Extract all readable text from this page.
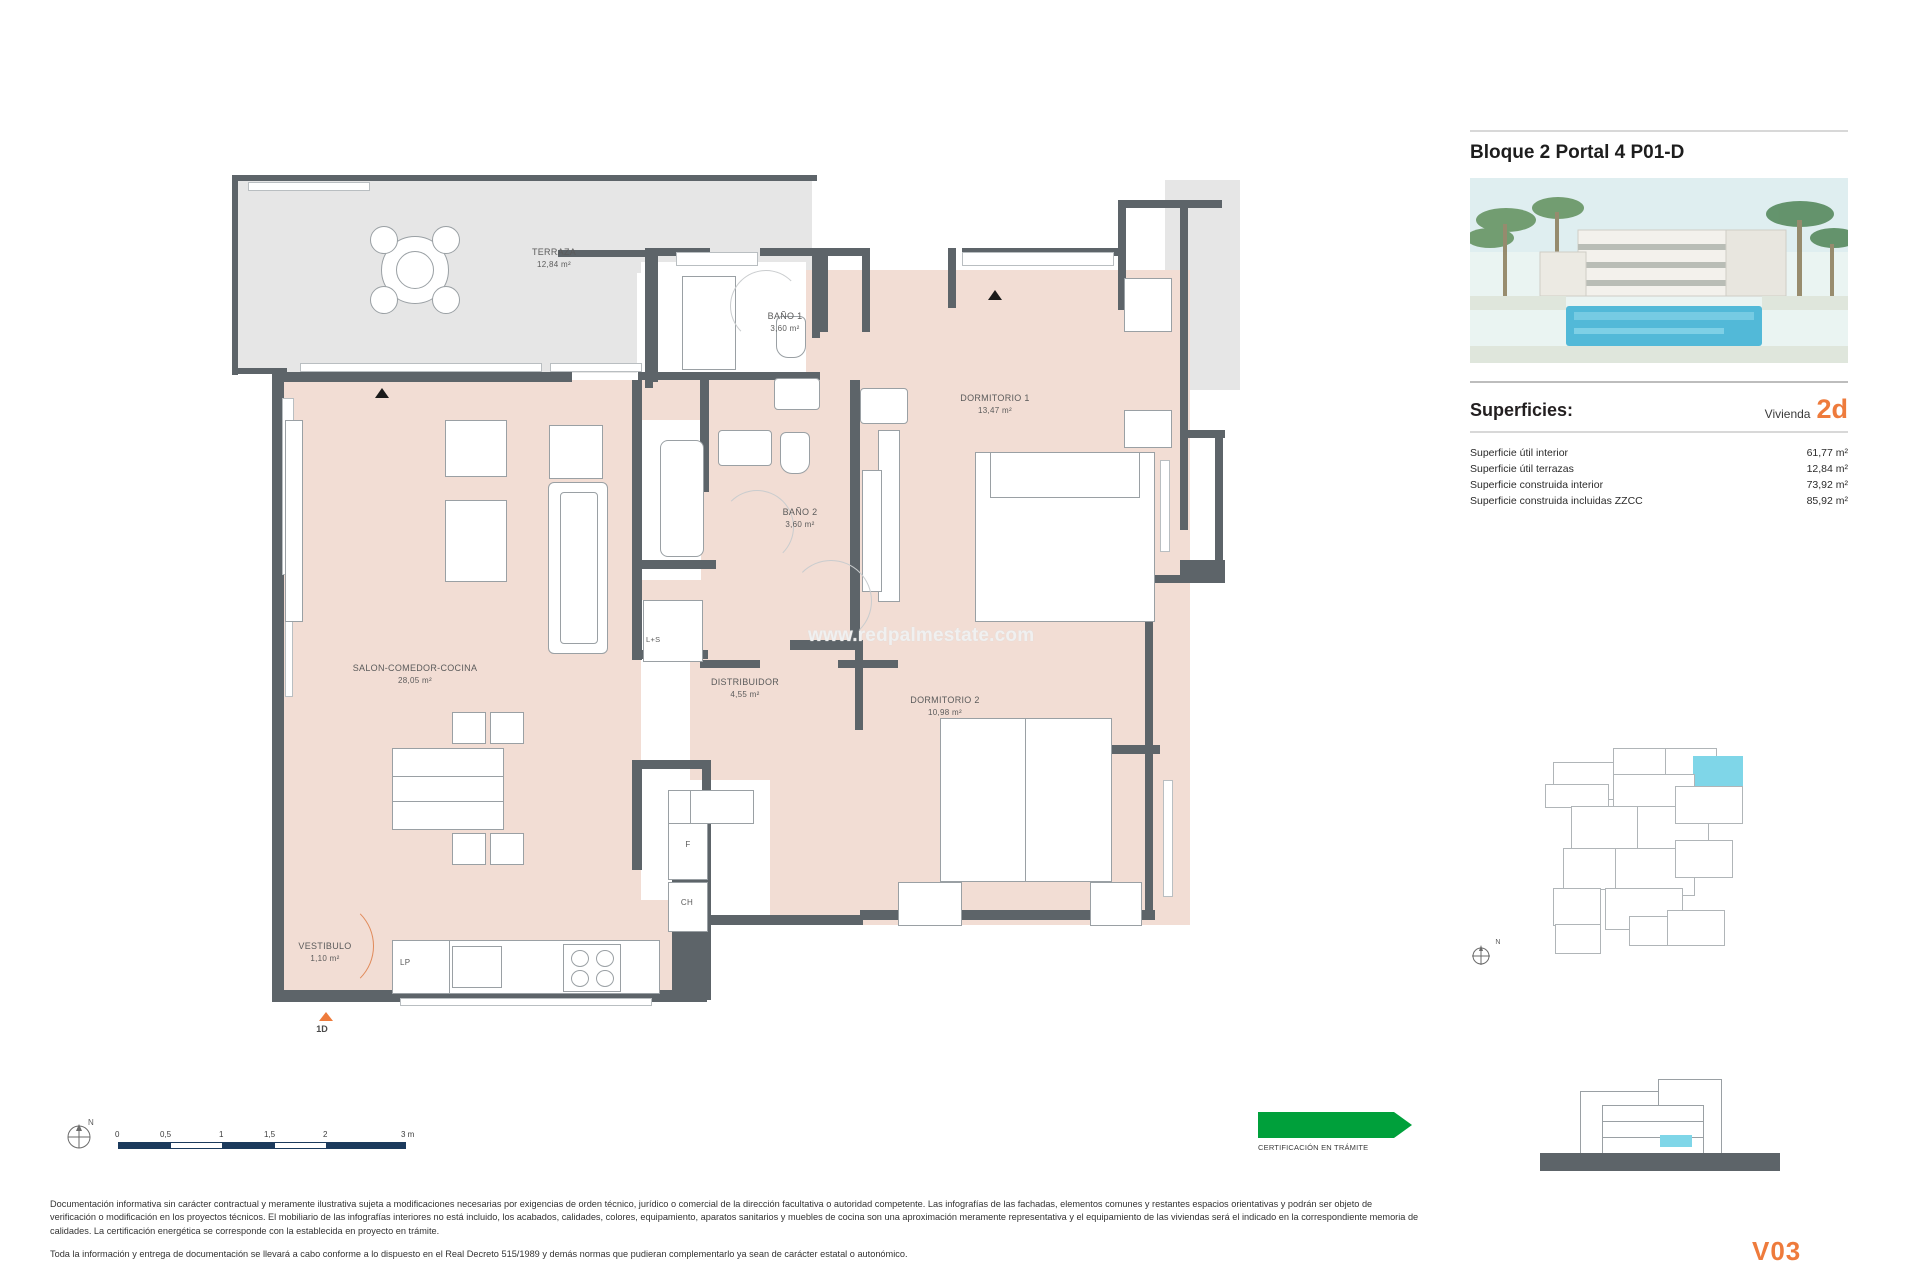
LP
F
CH
L+S
TERRAZA
12,84 m²
BAÑO 1
3,60 m²
BAÑO 2
3,60 m²
DORMITORIO 1
13,47 m²
DORMITORIO 2
10,98 m²
DISTRIBUIDOR
4,55 m²
SALON-COMEDOR-COCINA
28,05 m²
VESTIBULO
1,10 m²
1D
www.redpalmestate.com
N
0	0,5	1	1,5	2	3 m
CERTIFICACIÓN EN TRÁMITE
Bloque 2 Portal 4 P01-D
Superficies:	Vivienda 2d
Superficie útil interior	61,77 m²
Superficie útil terrazas	12,84 m²
Superficie construida interior	73,92 m²
Superficie construida incluidas ZZCC	85,92 m²
N
V03

Documentación informativa sin carácter contractual y meramente ilustrativa sujeta a modificaciones necesarias por exigencias de orden técnico, jurídico o comercial de la dirección facultativa o autoridad competente. Las infografías de las fachadas, elementos comunes y restantes espacios orientativas y podrán ser objeto de verificación o modificación en los proyectos técnicos. El mobiliario de las infografías interiores no está incluido, los acabados, calidades, colores, equipamiento, aparatos sanitarios y muebles de cocina son una aproximación meramente representativa y el equipamiento de las viviendas será el indicado en la correspondiente memoria de calidades. La certificación energética se corresponde con la establecida en proyecto en trámite.

Toda la información y entrega de documentación se llevará a cabo conforme a lo dispuesto en el Real Decreto 515/1989 y demás normas que pudieran complementarlo ya sean de carácter estatal o autonómico.
